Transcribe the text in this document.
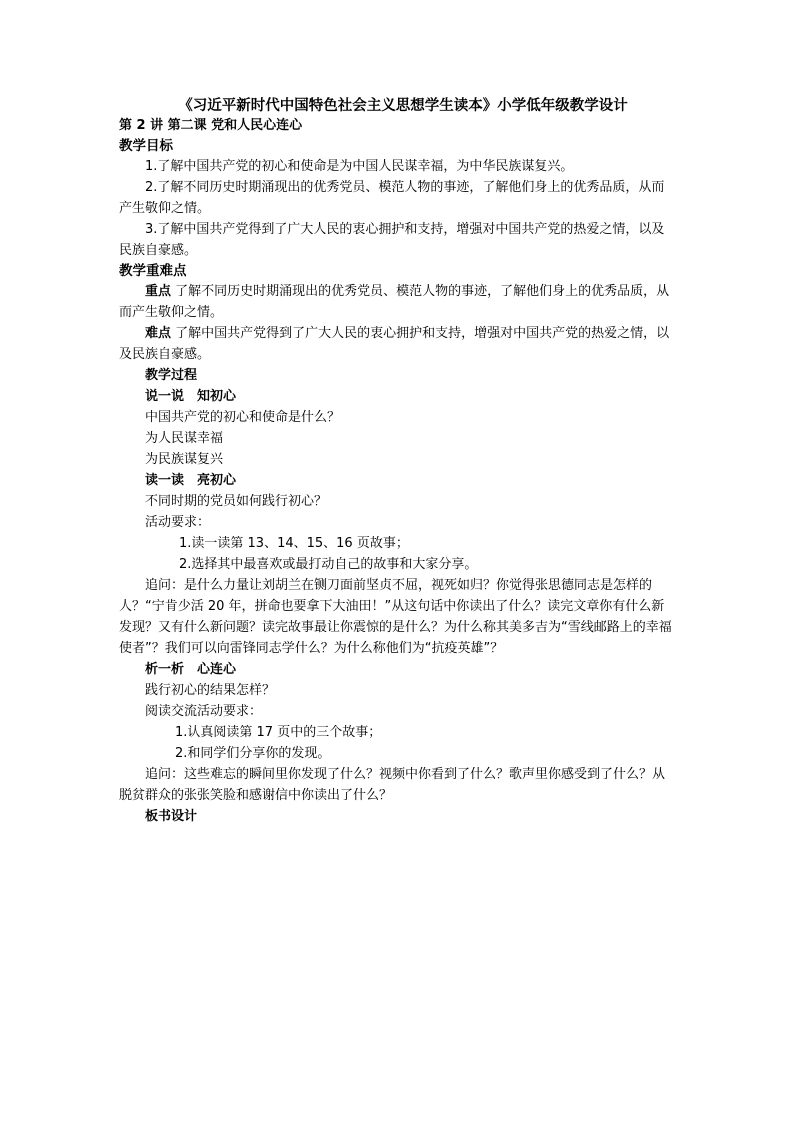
《习近平新时代中国特色社会主义思想学生读本》小学低年级教学设计
第 2 讲 第二课 党和人民心连心
教学目标

1.了解中国共产党的初心和使命是为中国人民谋幸福，为中华民族谋复兴。

2.了解不同历史时期涌现出的优秀党员、模范人物的事迹，了解他们身上的优秀品质，从而产生敬仰之情。

3.了解中国共产党得到了广大人民的衷心拥护和支持，增强对中国共产党的热爱之情，以及民族自豪感。

教学重难点

重点 了解不同历史时期涌现出的优秀党员、模范人物的事迹，了解他们身上的优秀品质，从而产生敬仰之情。

难点 了解中国共产党得到了广大人民的衷心拥护和支持，增强对中国共产党的热爱之情，以及民族自豪感。

教学过程
说一说　知初心

中国共产党的初心和使命是什么？

为人民谋幸福

为民族谋复兴

读一读　亮初心

不同时期的党员如何践行初心？

活动要求：

1.读一读第 13、14、15、16 页故事；

2.选择其中最喜欢或最打动自己的故事和大家分享。

追问：是什么力量让刘胡兰在铡刀面前坚贞不屈，视死如归？你觉得张思德同志是怎样的人？“宁肯少活 20 年，拼命也要拿下大油田！”从这句话中你读出了什么？读完文章你有什么新发现？又有什么新问题？读完故事最让你震惊的是什么？为什么称其美多吉为“雪线邮路上的幸福使者”？我们可以向雷锋同志学什么？为什么称他们为“抗疫英雄”？

析一析　心连心

践行初心的结果怎样？

阅读交流活动要求：

1.认真阅读第 17 页中的三个故事；

2.和同学们分享你的发现。

追问：这些难忘的瞬间里你发现了什么？视频中你看到了什么？歌声里你感受到了什么？从脱贫群众的张张笑脸和感谢信中你读出了什么？

板书设计
